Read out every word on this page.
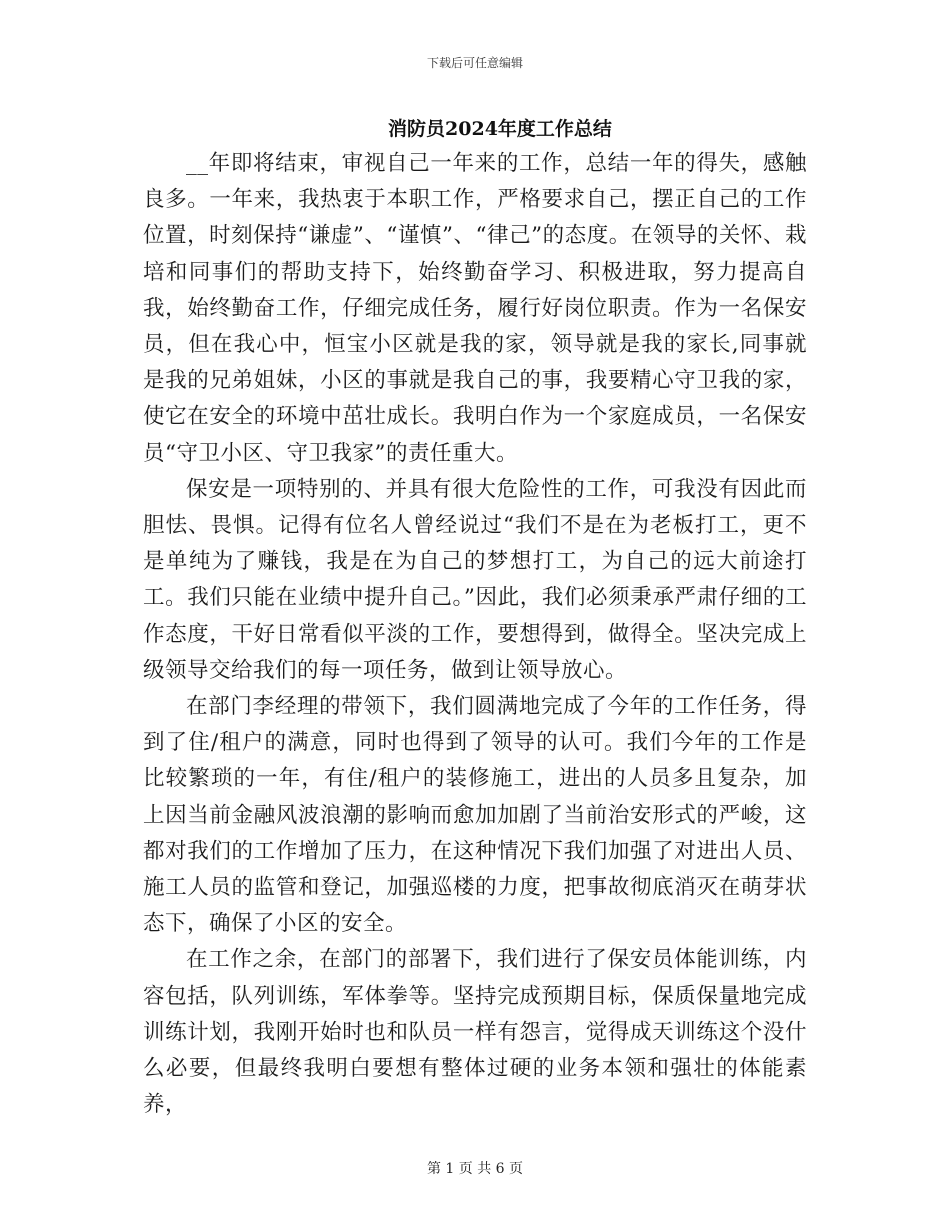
下载后可任意编辑
消防员2024年度工作总结

__年即将结束，审视自己一年来的工作，总结一年的得失，感触良多。一年来，我热衷于本职工作，严格要求自己，摆正自己的工作位置，时刻保持“谦虚”、“谨慎”、“律己”的态度。在领导的关怀、栽培和同事们的帮助支持下，始终勤奋学习、积极进取，努力提高自我，始终勤奋工作，仔细完成任务，履行好岗位职责。作为一名保安员，但在我心中，恒宝小区就是我的家，领导就是我的家长,同事就是我的兄弟姐妹，小区的事就是我自己的事，我要精心守卫我的家，使它在安全的环境中茁壮成长。我明白作为一个家庭成员，一名保安员“守卫小区、守卫我家”的责任重大。

保安是一项特别的、并具有很大危险性的工作，可我没有因此而胆怯、畏惧。记得有位名人曾经说过“我们不是在为老板打工，更不是单纯为了赚钱，我是在为自己的梦想打工，为自己的远大前途打工。我们只能在业绩中提升自己。”因此，我们必须秉承严肃仔细的工作态度，干好日常看似平淡的工作，要想得到，做得全。坚决完成上级领导交给我们的每一项任务，做到让领导放心。

在部门李经理的带领下，我们圆满地完成了今年的工作任务，得到了住/租户的满意，同时也得到了领导的认可。我们今年的工作是比较繁琐的一年，有住/租户的装修施工，进出的人员多且复杂，加上因当前金融风波浪潮的影响而愈加加剧了当前治安形式的严峻，这都对我们的工作增加了压力，在这种情况下我们加强了对进出人员、施工人员的监管和登记，加强巡楼的力度，把事故彻底消灭在萌芽状态下，确保了小区的安全。

在工作之余，在部门的部署下，我们进行了保安员体能训练，内容包括，队列训练，军体拳等。坚持完成预期目标，保质保量地完成训练计划，我刚开始时也和队员一样有怨言，觉得成天训练这个没什么必要，但最终我明白要想有整体过硬的业务本领和强壮的体能素养，

第 1 页 共 6 页
